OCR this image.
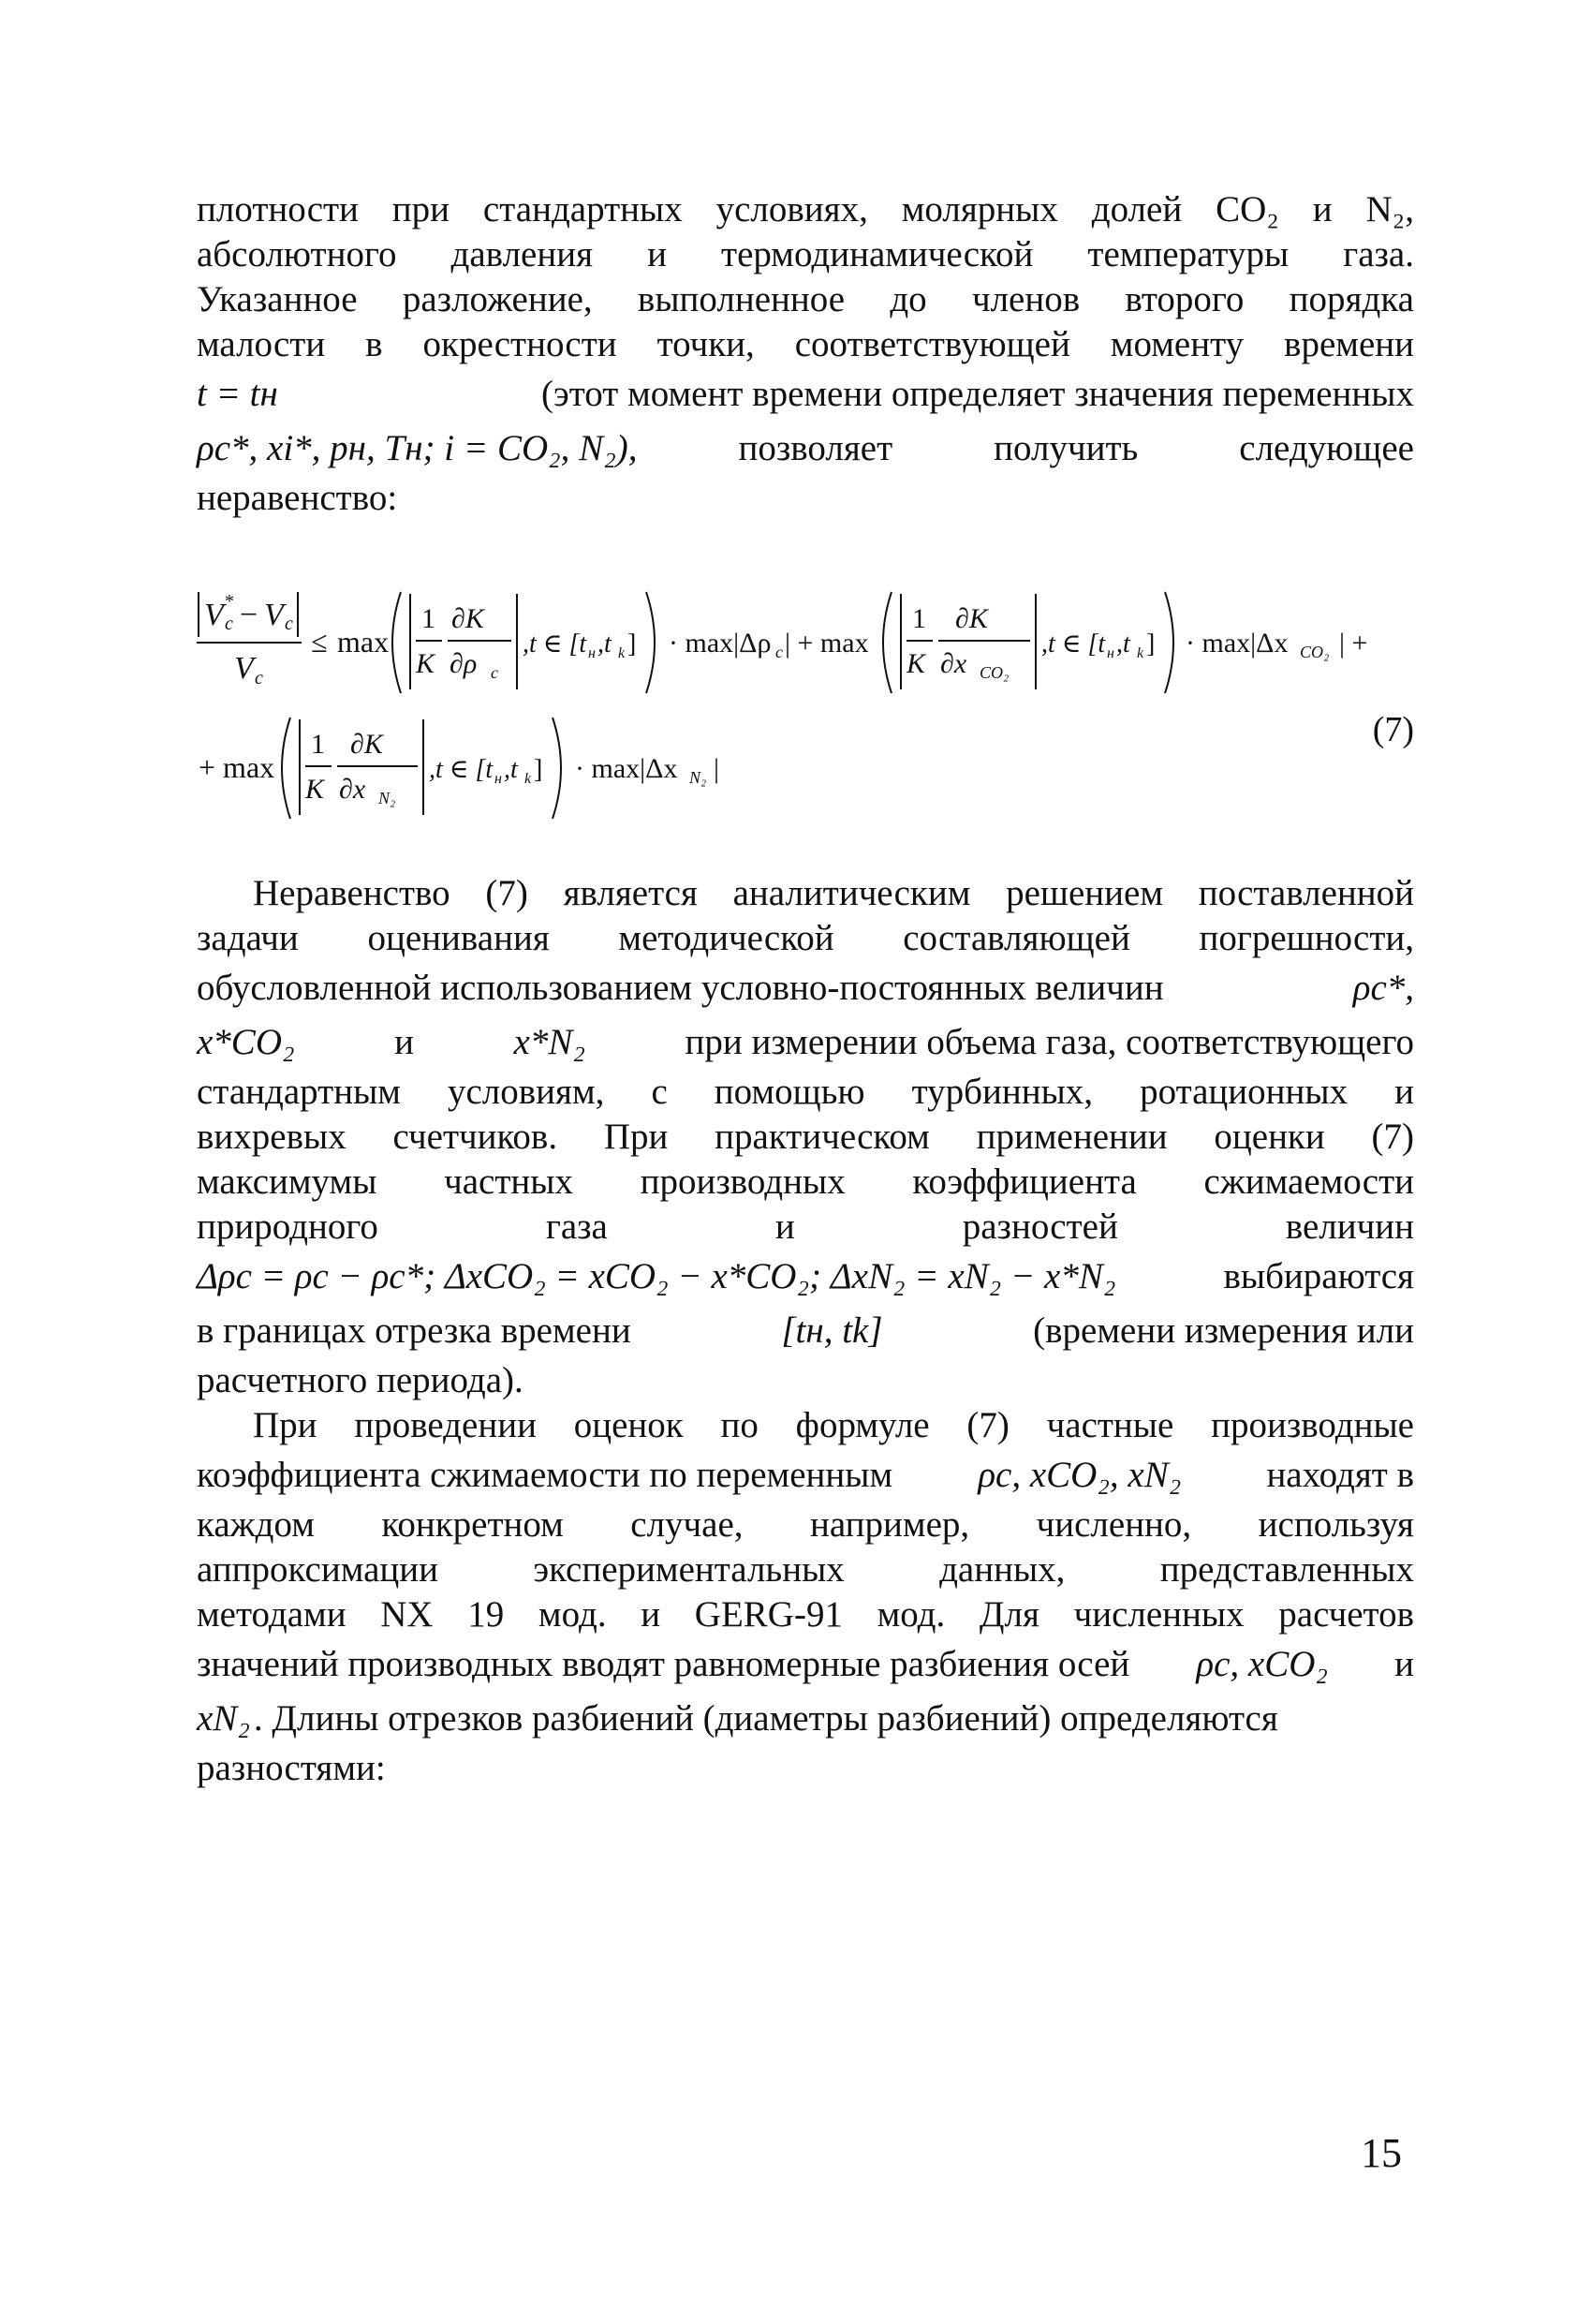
плотности при стандартных условиях, молярных долей CO₂ и N₂,

абсолютного давления и термодинамической температуры газа.

Указанное разложение, выполненное до членов второго порядка

малости в окрестности точки, соответствующей моменту времени

t = tн	(этот момент времени определяет значения переменных
ρс*, xi*, pн, Tн; i = CO₂, N₂),	позволяет	получить	следующее

неравенство:

V c
* − V c
V c
≤ max
1
K
∂K
∂ρ c
,t ∈ [t н ,t k ] · max|Δρ c | + max
1
K
∂K
∂x CO₂
,t ∈ [t н ,t k ] · max|Δx CO₂ | +
+ max
1
K
∂K
∂x N₂
,t ∈ [t н ,t k ] · max|Δx N₂ |
(7)

Неравенство (7) является аналитическим решением поставленной

задачи оценивания методической составляющей погрешности,

обусловленной использованием условно-постоянных величин	ρс*,
x*CO₂	и	x*N₂	при измерении объема газа, соответствующего

стандартным условиям, с помощью турбинных, ротационных и

вихревых счетчиков. При практическом применении оценки (7)

максимумы частных производных коэффициента сжимаемости

природного газа и разностей величин

Δρс = ρс − ρс*; ΔxCO₂ = xCO₂ − x*CO₂; ΔxN₂ = xN₂ − x*N₂	выбираются
в границах отрезка времени	[tн, tk]	(времени измерения или

расчетного периода).

При проведении оценок по формуле (7) частные производные

коэффициента сжимаемости по переменным ρс, xCO₂, xN₂ находят в

каждом конкретном случае, например, численно, используя

аппроксимации экспериментальных данных, представленных

методами NX 19 мод. и GERG-91 мод. Для численных расчетов

значений производных вводят равномерные разбиения осей ρс, xCO₂ и
xN₂ . Длины отрезков разбиений (диаметры разбиений) определяются

разностями:

15
